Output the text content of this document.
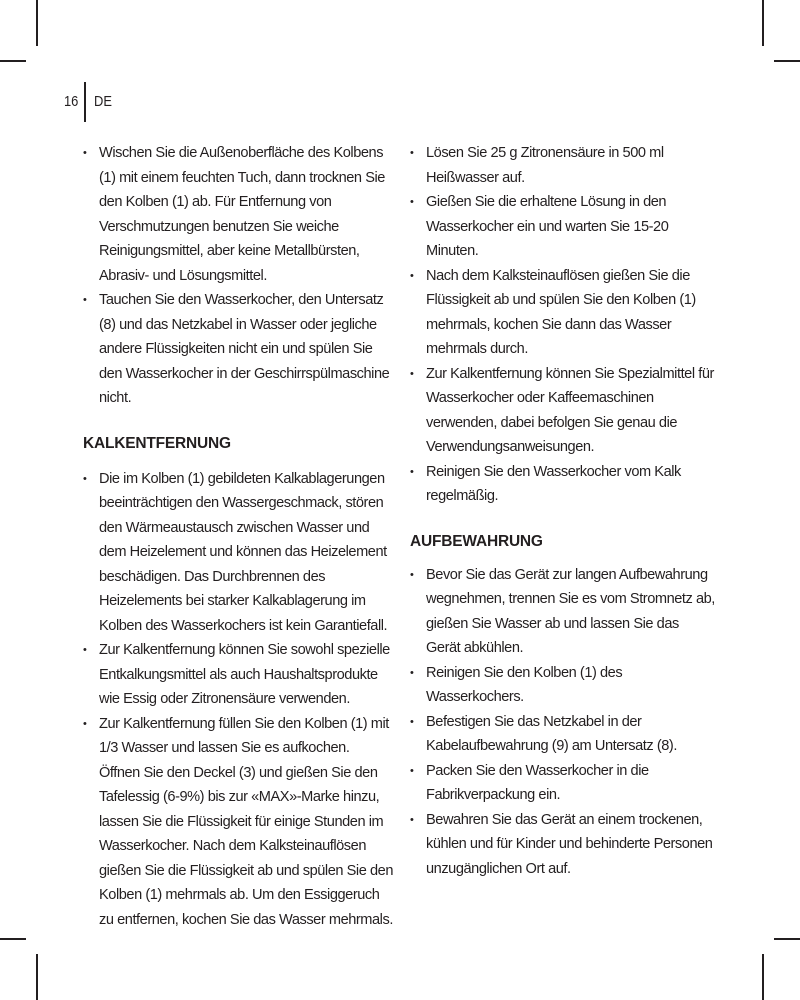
16 DE
• Wischen Sie die Außenoberfläche des Kolbens (1) mit einem feuchten Tuch, dann trocknen Sie den Kolben (1) ab. Für Entfernung von Verschmutzungen benutzen Sie weiche Reinigungsmittel, aber keine Metallbürsten, Abrasiv- und Lösungsmittel.
• Tauchen Sie den Wasserkocher, den Untersatz (8) und das Netzkabel in Wasser oder jegliche andere Flüssigkeiten nicht ein und spülen Sie den Wasserkocher in der Geschirrspülmaschine nicht.
KALKENTFERNUNG
• Die im Kolben (1) gebildeten Kalkablagerungen beeinträchtigen den Wassergeschmack, stören den Wärmeaustausch zwischen Wasser und dem Heizelement und können das Heizelement beschädigen. Das Durchbrennen des Heizelements bei starker Kalkablagerung im Kolben des Wasserkochers ist kein Garantiefall.
• Zur Kalkentfernung können Sie sowohl spezielle Entkalkungsmittel als auch Haushaltsprodukte wie Essig oder Zitronensäure verwenden.
• Zur Kalkentfernung füllen Sie den Kolben (1) mit 1/3 Wasser und lassen Sie es aufkochen. Öffnen Sie den Deckel (3) und gießen Sie den Tafelessig (6-9%) bis zur «MAX»-Marke hinzu, lassen Sie die Flüssigkeit für einige Stunden im Wasserkocher. Nach dem Kalksteinauflösen gießen Sie die Flüssigkeit ab und spülen Sie den Kolben (1) mehrmals ab. Um den Essiggeruch zu entfernen, kochen Sie das Wasser mehrmals.
• Lösen Sie 25 g Zitronensäure in 500 ml Heißwasser auf.
• Gießen Sie die erhaltene Lösung in den Wasserkocher ein und warten Sie 15-20 Minuten.
• Nach dem Kalksteinauflösen gießen Sie die Flüssigkeit ab und spülen Sie den Kolben (1) mehrmals, kochen Sie dann das Wasser mehrmals durch.
• Zur Kalkentfernung können Sie Spezialmittel für Wasserkocher oder Kaffeemaschinen verwenden, dabei befolgen Sie genau die Verwendungsanweisungen.
• Reinigen Sie den Wasserkocher vom Kalk regelmäßig.
AUFBEWAHRUNG
• Bevor Sie das Gerät zur langen Aufbewahrung wegnehmen, trennen Sie es vom Stromnetz ab, gießen Sie Wasser ab und lassen Sie das Gerät abkühlen.
• Reinigen Sie den Kolben (1) des Wasserkochers.
• Befestigen Sie das Netzkabel in der Kabelaufbewahrung (9) am Untersatz (8).
• Packen Sie den Wasserkocher in die Fabrikverpackung ein.
• Bewahren Sie das Gerät an einem trockenen, kühlen und für Kinder und behinderte Personen unzugänglichen Ort auf.
